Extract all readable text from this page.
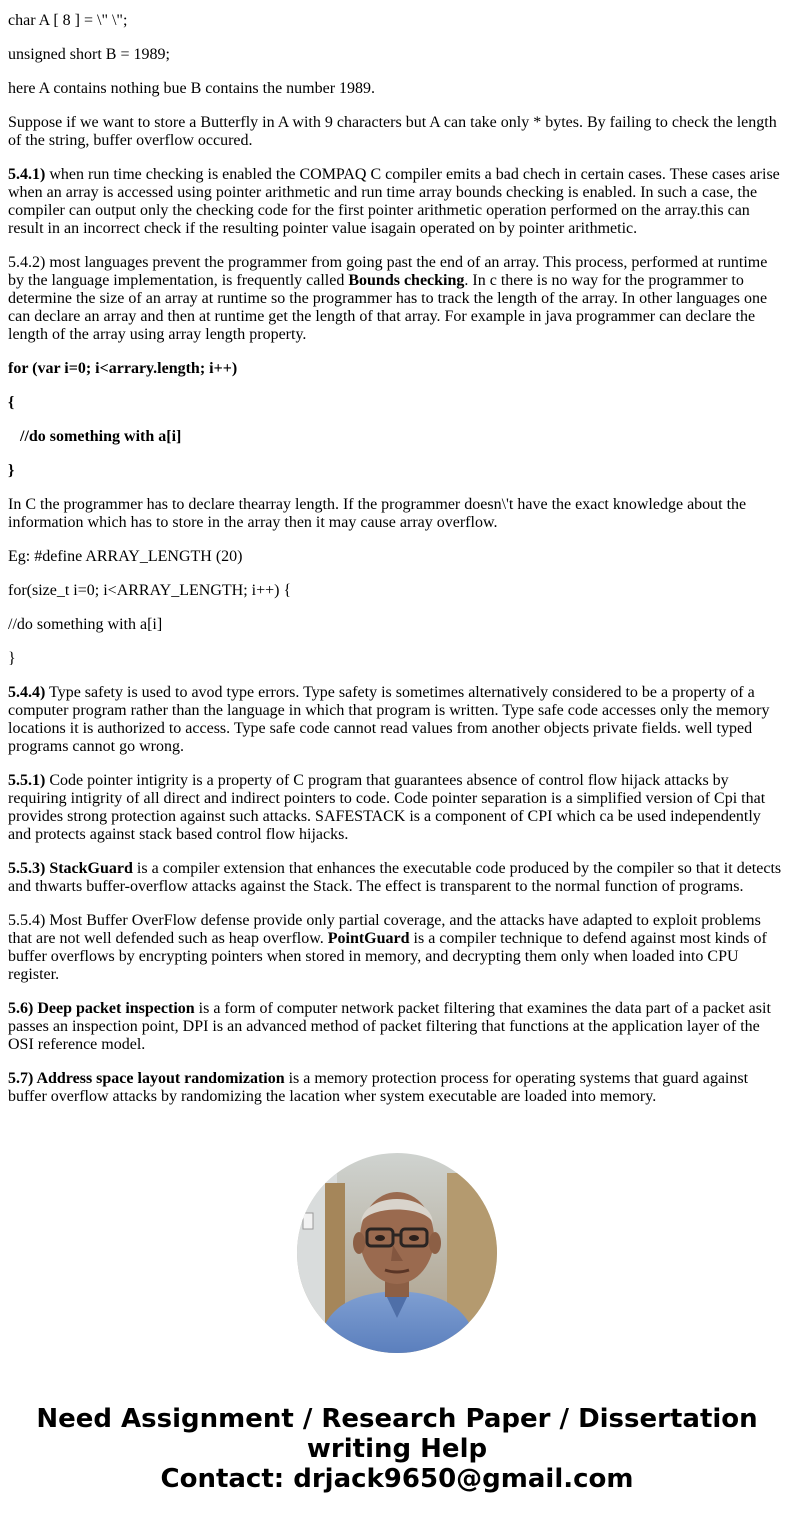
char A [ 8 ] = \" \";

unsigned short B = 1989;

here A contains nothing bue B contains the number 1989.

Suppose if we want to store a Butterfly in A with 9 characters but A can take only * bytes. By failing to check the length of the string, buffer overflow occured.

5.4.1) when run time checking is enabled the COMPAQ C compiler emits a bad chech in certain cases. These cases arise when an array is accessed using pointer arithmetic and run time array bounds checking is enabled. In such a case, the compiler can output only the checking code for the first pointer arithmetic operation performed on the array.this can result in an incorrect check if the resulting pointer value isagain operated on by pointer arithmetic.

5.4.2) most languages prevent the programmer from going past the end of an array. This process, performed at runtime by the language implementation, is frequently called Bounds checking. In c there is no way for the programmer to determine the size of an array at runtime so the programmer has to track the length of the array. In other languages one can declare an array and then at runtime get the length of that array. For example in java programmer can declare the length of the array using array length property.

for (var i=0; i<arrary.length; i++)

{

//do something with a[i]

}

In C the programmer has to declare thearray length. If the programmer doesn\'t have the exact knowledge about the information which has to store in the array then it may cause array overflow.

Eg: #define ARRAY_LENGTH (20)

for(size_t i=0; i<ARRAY_LENGTH; i++) {

//do something with a[i]

}

5.4.4) Type safety is used to avod type errors. Type safety is sometimes alternatively considered to be a property of a computer program rather than the language in which that program is written. Type safe code accesses only the memory locations it is authorized to access. Type safe code cannot read values from another objects private fields. well typed programs cannot go wrong.

5.5.1) Code pointer intigrity is a property of C program that guarantees absence of control flow hijack attacks by requiring intigrity of all direct and indirect pointers to code. Code pointer separation is a simplified version of Cpi that provides strong protection against such attacks. SAFESTACK is a component of CPI which ca be used independently and protects against stack based control flow hijacks.

5.5.3) StackGuard is a compiler extension that enhances the executable code produced by the compiler so that it detects and thwarts buffer-overflow attacks against the Stack. The effect is transparent to the normal function of programs.

5.5.4) Most Buffer OverFlow defense provide only partial coverage, and the attacks have adapted to exploit problems that are not well defended such as heap overflow. PointGuard is a compiler technique to defend against most kinds of buffer overflows by encrypting pointers when stored in memory, and decrypting them only when loaded into CPU register.

5.6) Deep packet inspection is a form of computer network packet filtering that examines the data part of a packet asit passes an inspection point, DPI is an advanced method of packet filtering that functions at the application layer of the OSI reference model.

5.7) Address space layout randomization is a memory protection process for operating systems that guard against buffer overflow attacks by randomizing the lacation wher system executable are loaded into memory.

Need Assignment / Research Paper / Dissertation
writing Help
Contact: drjack9650@gmail.com
